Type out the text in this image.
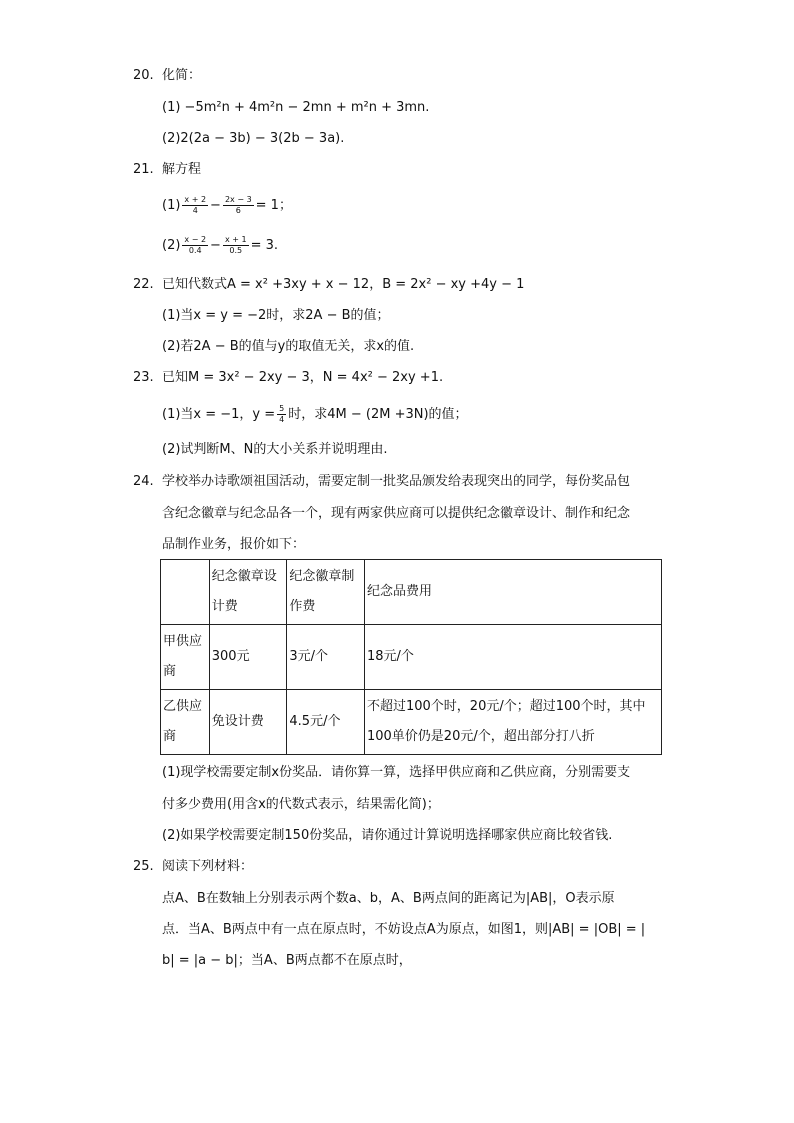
20. 化简：
(1) −5m²n + 4m²n − 2mn + m²n + 3mn.
(2)2(2a − 3b) − 3(2b − 3a).
21. 解方程
$(1) \frac{x + 2}{4} - \frac{2x - 3}{6} = 1$；
$(2) \frac{x - 2}{0.4} - \frac{x + 1}{0.5} = 3$.
22. 已知代数式A = x² +3xy + x − 12，B = 2x² − xy +4y − 1
(1)当x = y = −2时，求2A − B的值；
(2)若2A − B的值与y的取值无关，求x的值.
23. 已知M = 3x² − 2xy − 3，N = 4x² − 2xy +1.
(1)当x = −1，$y = \frac{5}{4}$ 时，求4M − (2M +3N)的值；
(2)试判断M、N的大小关系并说明理由.
24. 学校举办诗歌颂祖国活动，需要定制一批奖品颁发给表现突出的同学，每份奖品包
含纪念徽章与纪念品各一个，现有两家供应商可以提供纪念徽章设计、制作和纪念
品制作业务，报价如下：
	纪念徽章设计费	纪念徽章制作费	纪念品费用
甲供应商	300元	3元/个	18元/个
乙供应商	免设计费	4.5元/个	不超过100个时，20元/个；超过100个时，其中100单价仍是20元/个，超出部分打八折
(1)现学校需要定制x份奖品．请你算一算，选择甲供应商和乙供应商，分别需要支
付多少费用(用含x的代数式表示，结果需化简)；
(2)如果学校需要定制150份奖品，请你通过计算说明选择哪家供应商比较省钱.
25. 阅读下列材料：
点A、B在数轴上分别表示两个数a、b，A、B两点间的距离记为|AB|，O表示原
点．当A、B两点中有一点在原点时，不妨设点A为原点，如图1，则|AB| = |OB| = |
b| = |a − b|；当A、B两点都不在原点时，
